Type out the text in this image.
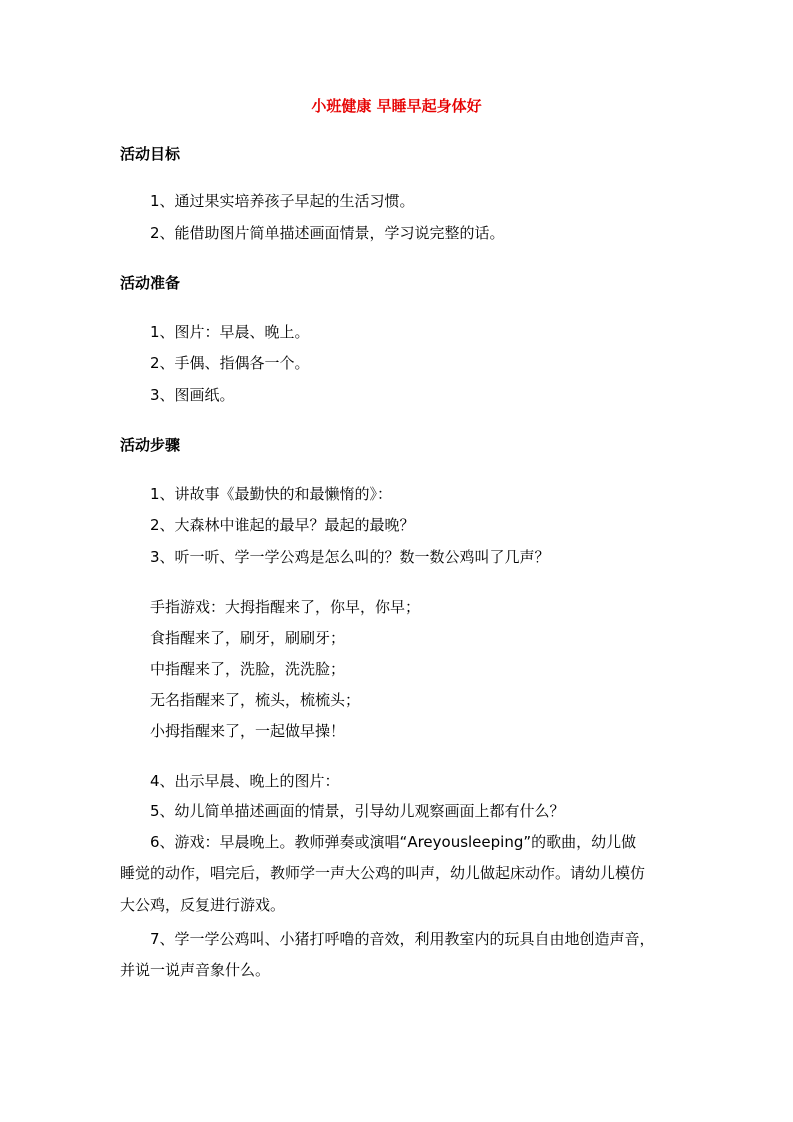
小班健康 早睡早起身体好
活动目标
1、通过果实培养孩子早起的生活习惯。
2、能借助图片简单描述画面情景，学习说完整的话。
活动准备
1、图片：早晨、晚上。
2、手偶、指偶各一个。
3、图画纸。
活动步骤
1、讲故事《最勤快的和最懒惰的》：
2、大森林中谁起的最早？最起的最晚？
3、听一听、学一学公鸡是怎么叫的？数一数公鸡叫了几声？
手指游戏：大拇指醒来了，你早，你早；
食指醒来了，刷牙，刷刷牙；
中指醒来了，洗脸，洗洗脸；
无名指醒来了，梳头，梳梳头；
小拇指醒来了，一起做早操！
4、出示早晨、晚上的图片：
5、幼儿简单描述画面的情景，引导幼儿观察画面上都有什么？
6、游戏：早晨晚上。教师弹奏或演唱“Areyousleeping”的歌曲，幼儿做
睡觉的动作，唱完后，教师学一声大公鸡的叫声，幼儿做起床动作。请幼儿模仿
大公鸡，反复进行游戏。
7、学一学公鸡叫、小猪打呼噜的音效，利用教室内的玩具自由地创造声音，
并说一说声音象什么。
